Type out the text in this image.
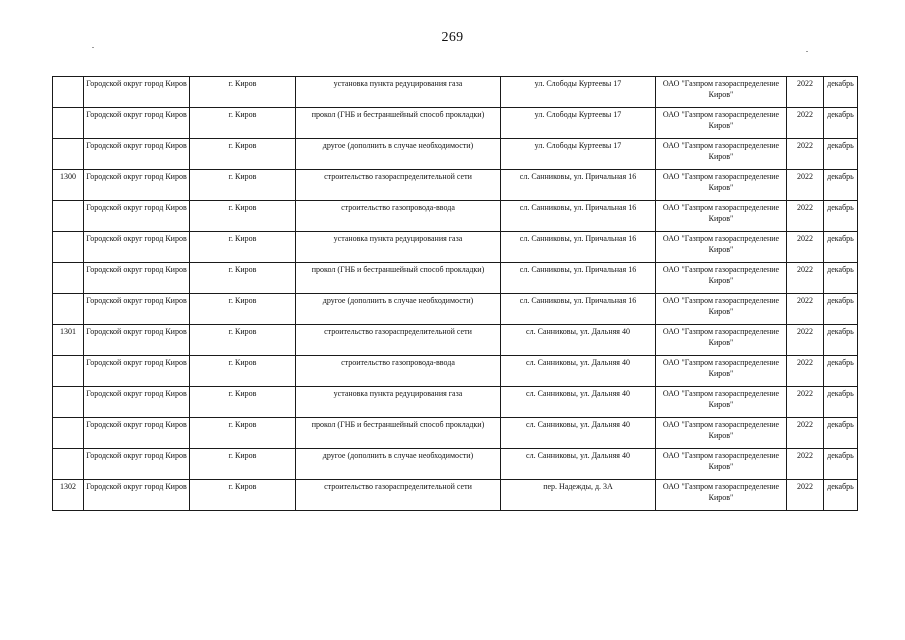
269
	Городской округ город Киров	г. Киров	установка пункта редуцирования газа	ул. Слободы Куртеевы 17	ОАО "Газпром газораспределение Киров"	2022	декабрь
	Городской округ город Киров	г. Киров	прокол (ГНБ и бестраншейный способ прокладки)	ул. Слободы Куртеевы 17	ОАО "Газпром газораспределение Киров"	2022	декабрь
	Городской округ город Киров	г. Киров	другое (дополнить в случае необходимости)	ул. Слободы Куртеевы 17	ОАО "Газпром газораспределение Киров"	2022	декабрь
1300	Городской округ город Киров	г. Киров	строительство газораспределительной сети	сл. Санниковы, ул. Причальная 16	ОАО "Газпром газораспределение Киров"	2022	декабрь
	Городской округ город Киров	г. Киров	строительство газопровода-ввода	сл. Санниковы, ул. Причальная 16	ОАО "Газпром газораспределение Киров"	2022	декабрь
	Городской округ город Киров	г. Киров	установка пункта редуцирования газа	сл. Санниковы, ул. Причальная 16	ОАО "Газпром газораспределение Киров"	2022	декабрь
	Городской округ город Киров	г. Киров	прокол (ГНБ и бестраншейный способ прокладки)	сл. Санниковы, ул. Причальная 16	ОАО "Газпром газораспределение Киров"	2022	декабрь
	Городской округ город Киров	г. Киров	другое (дополнить в случае необходимости)	сл. Санниковы, ул. Причальная 16	ОАО "Газпром газораспределение Киров"	2022	декабрь
1301	Городской округ город Киров	г. Киров	строительство газораспределительной сети	сл. Санниковы, ул. Дальняя 40	ОАО "Газпром газораспределение Киров"	2022	декабрь
	Городской округ город Киров	г. Киров	строительство газопровода-ввода	сл. Санниковы, ул. Дальняя 40	ОАО "Газпром газораспределение Киров"	2022	декабрь
	Городской округ город Киров	г. Киров	установка пункта редуцирования газа	сл. Санниковы, ул. Дальняя 40	ОАО "Газпром газораспределение Киров"	2022	декабрь
	Городской округ город Киров	г. Киров	прокол (ГНБ и бестраншейный способ прокладки)	сл. Санниковы, ул. Дальняя 40	ОАО "Газпром газораспределение Киров"	2022	декабрь
	Городской округ город Киров	г. Киров	другое (дополнить в случае необходимости)	сл. Санниковы, ул. Дальняя 40	ОАО "Газпром газораспределение Киров"	2022	декабрь
1302	Городской округ город Киров	г. Киров	строительство газораспределительной сети	пер. Надежды, д. 3А	ОАО "Газпром газораспределение Киров"	2022	декабрь
